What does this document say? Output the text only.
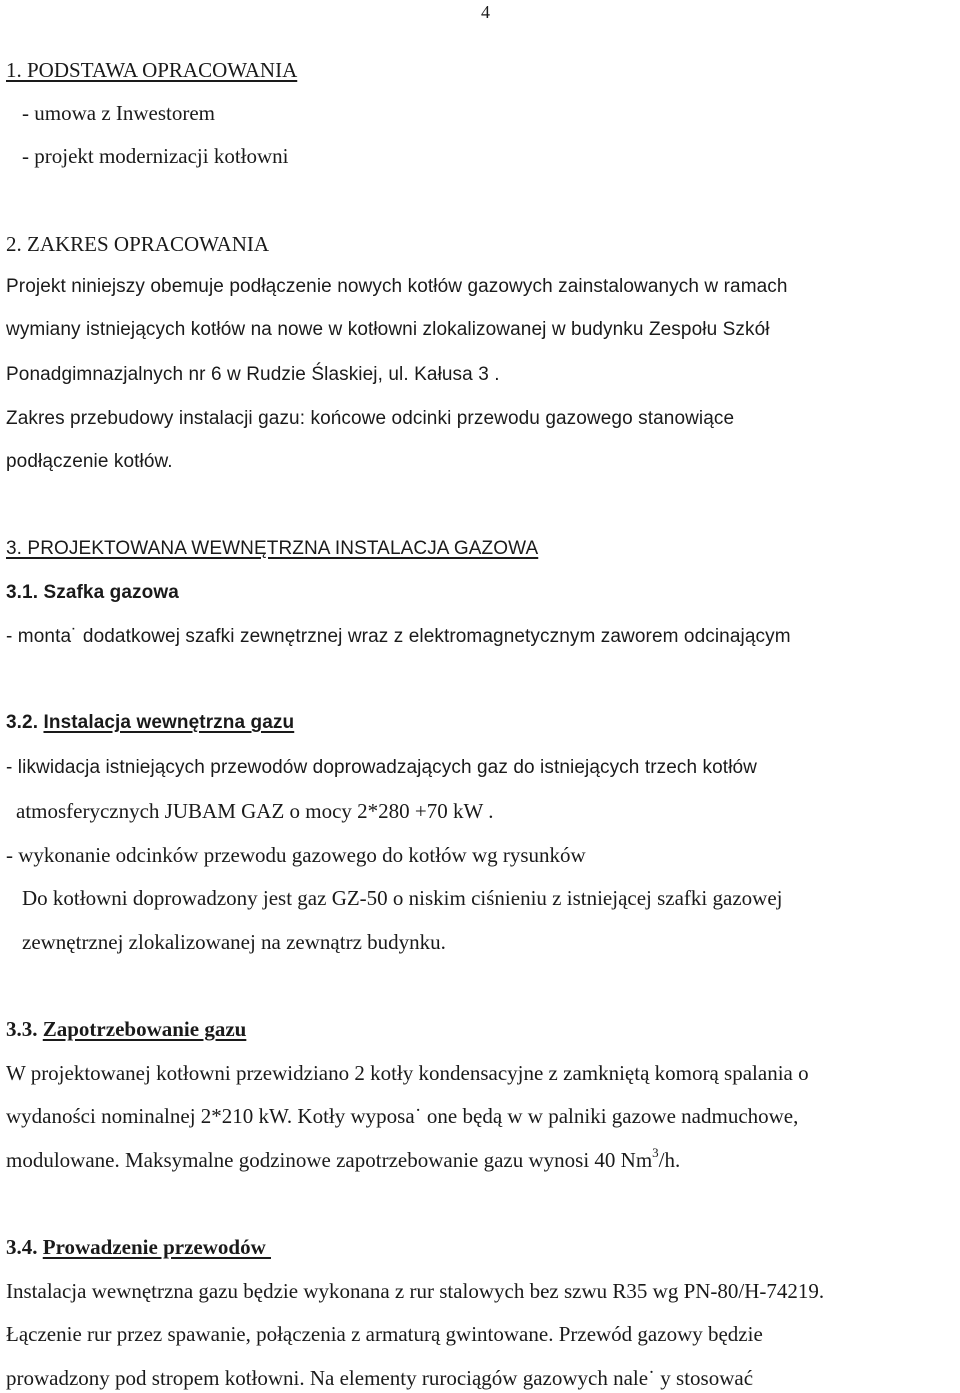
4
1. PODSTAWA OPRACOWANIA
- umowa z Inwestorem
- projekt modernizacji kotłowni
2. ZAKRES OPRACOWANIA
Projekt niniejszy obemuje podłączenie nowych kotłów gazowych zainstalowanych w ramach
wymiany istniejących kotłów na nowe w kotłowni zlokalizowanej w budynku Zespołu Szkół
Ponadgimnazjalnych nr 6 w Rudzie Ślaskiej, ul. Kałusa 3 .
Zakres przebudowy instalacji gazu: końcowe odcinki przewodu gazowego stanowiące
podłączenie kotłów.
3. PROJEKTOWANA WEWNĘTRZNA INSTALACJA GAZOWA
3.1. Szafka gazowa
- monta˙ dodatkowej szafki zewnętrznej wraz z elektromagnetycznym zaworem odcinającym
3.2. Instalacja wewnętrzna gazu
- likwidacja istniejących przewodów doprowadzających gaz do istniejących trzech kotłów
atmosferycznych JUBAM GAZ o mocy 2*280 +70 kW .
- wykonanie odcinków przewodu gazowego do kotłów wg rysunków
Do kotłowni doprowadzony jest gaz GZ-50 o niskim ciśnieniu z istniejącej szafki gazowej
zewnętrznej zlokalizowanej na zewnątrz budynku.
3.3. Zapotrzebowanie gazu
W projektowanej kotłowni przewidziano 2 kotły kondensacyjne z zamkniętą komorą spalania o
wydaności nominalnej 2*210 kW. Kotły wyposa˙ one będą w w palniki gazowe nadmuchowe,
modulowane. Maksymalne godzinowe zapotrzebowanie gazu wynosi 40 Nm$^3$/h.
3.4. Prowadzenie przewodów
Instalacja wewnętrzna gazu będzie wykonana z rur stalowych bez szwu R35 wg PN-80/H-74219.
Łączenie rur przez spawanie, połączenia z armaturą gwintowane. Przewód gazowy będzie
prowadzony pod stropem kotłowni. Na elementy rurociągów gazowych nale˙ y stosować
